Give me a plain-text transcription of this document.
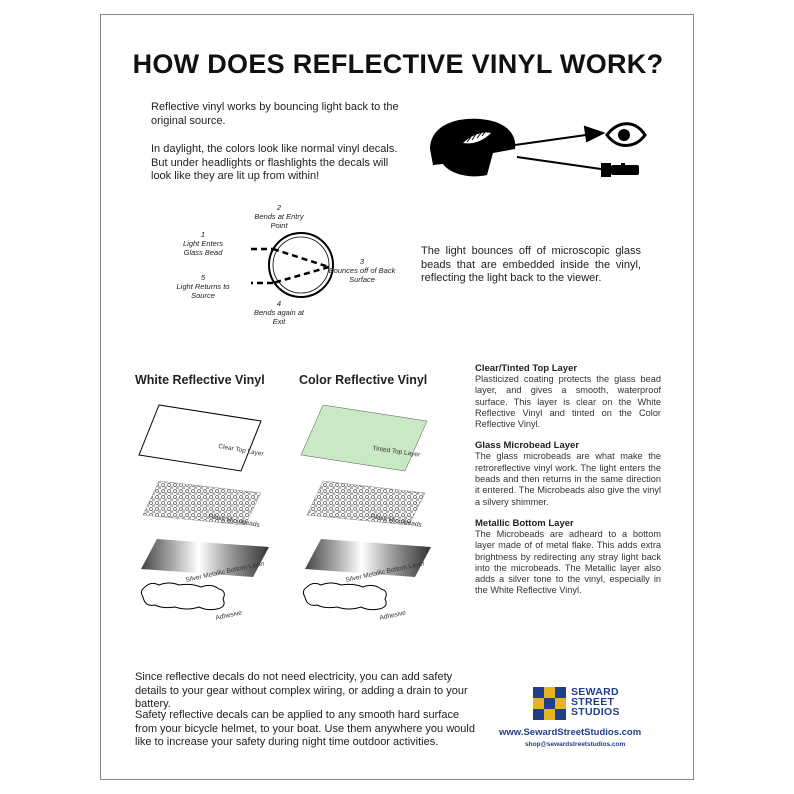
HOW DOES REFLECTIVE VINYL WORK?
Reflective vinyl works by bouncing light back to the original source.
In daylight, the colors look like normal vinyl decals. But under headlights or flashlights the decals will look like they are lit up from within!
1
Light Enters Glass Bead
2
Bends at Entry Point
3
Bounces off of Back Surface
4
Bends again at Exit
5
Light Returns to Source
The light bounces off of microscopic glass beads that are embedded inside the vinyl, reflecting the light back to the viewer.
White Reflective Vinyl	Color Reflective Vinyl
Clear Top Layer
Glass Microbeads
Silver Metallic Bottom Layer
Adhesive
Tinted Top Layer
Glass Microbeads
Silver Metallic Bottom Layer
Adhesive
Clear/Tinted Top Layer
Plasticized coating protects the glass bead layer, and gives a smooth, waterproof surface. This layer is clear on the White Reflective Vinyl and tinted on the Color Reflective Vinyl.
Glass Microbead Layer
The glass microbeads are what make the retroreflective vinyl work. The light enters the beads and then returns in the same direction it entered. The Microbeads also give the vinyl a silvery shimmer.
Metallic Bottom Layer
The Microbeads are adheard to a bottom layer made of of metal flake. This adds extra brightness by redirecting any stray light back into the microbeads. The Metallic layer also adds a silver tone to the vinyl, especially in the White Reflective Vinyl.
Since reflective decals do not need electricity, you can add safety details to your gear without complex wiring, or adding a drain to your battery.
Safety reflective decals can be applied to any smooth hard surface from your bicycle helmet, to your boat. Use them anywhere you would like to increase your safety during night time outdoor activities.
SEWARD
STREET
STUDIOS
www.SewardStreetStudios.com
shop@sewardstreetstudios.com
